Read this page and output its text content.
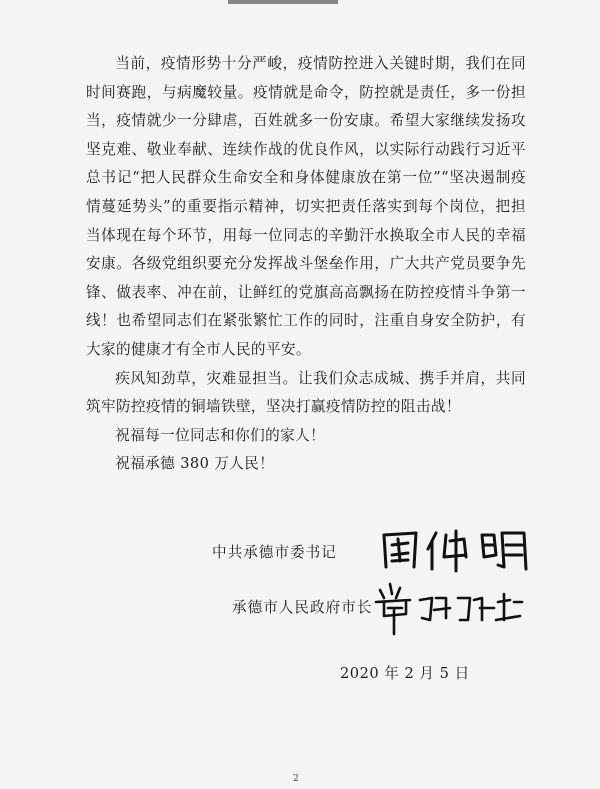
当前，疫情形势十分严峻，疫情防控进入关键时期，我们在同时间赛跑，与病魔较量。疫情就是命令，防控就是责任，多一份担当，疫情就少一分肆虐，百姓就多一份安康。希望大家继续发扬攻坚克难、敬业奉献、连续作战的优良作风，以实际行动践行习近平总书记“把人民群众生命安全和身体健康放在第一位”“坚决遏制疫情蔓延势头”的重要指示精神，切实把责任落实到每个岗位，把担当体现在每个环节，用每一位同志的辛勤汗水换取全市人民的幸福安康。各级党组织要充分发挥战斗堡垒作用，广大共产党员要争先锋、做表率、冲在前，让鲜红的党旗高高飘扬在防控疫情斗争第一线！也希望同志们在紧张繁忙工作的同时，注重自身安全防护，有大家的健康才有全市人民的平安。

疾风知劲草，灾难显担当。让我们众志成城、携手并肩，共同筑牢防控疫情的铜墙铁壁，坚决打赢疫情防控的阻击战！

祝福每一位同志和你们的家人！

祝福承德 380 万人民！

中共承德市委书记
承德市人民政府市长
2020 年 2 月 5 日
2
